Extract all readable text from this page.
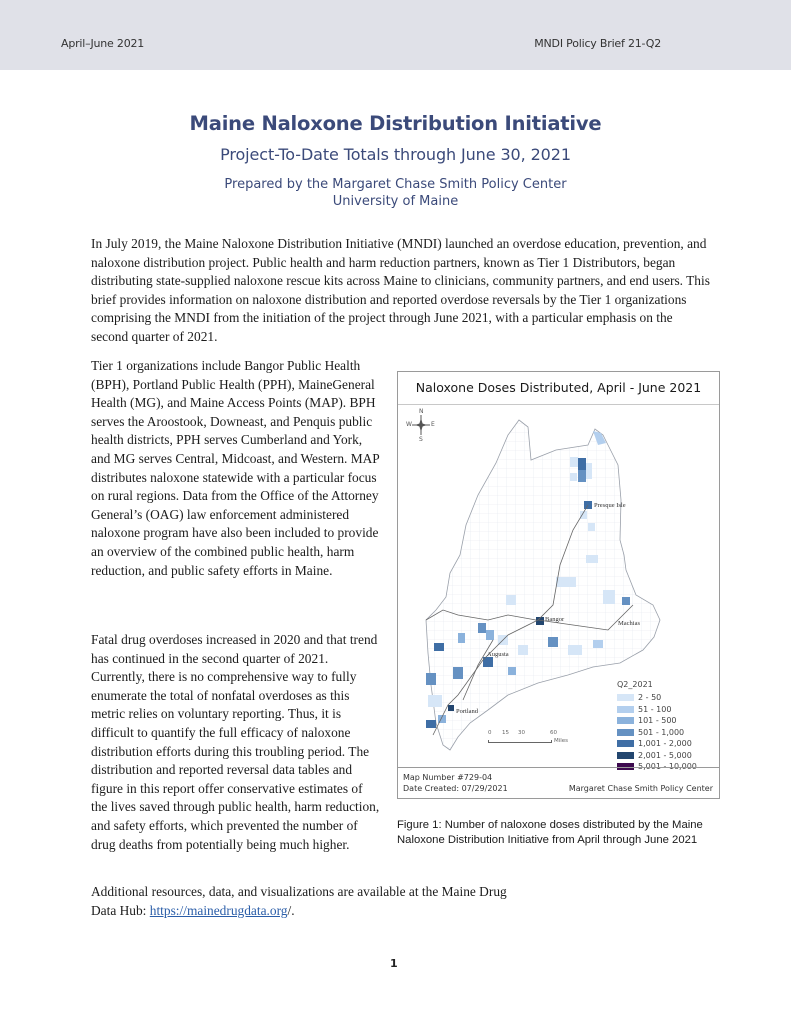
April–June 2021	MNDI Policy Brief 21-Q2
Maine Naloxone Distribution Initiative
Project-To-Date Totals through June 30, 2021
Prepared by the Margaret Chase Smith Policy Center
University of Maine

In July 2019, the Maine Naloxone Distribution Initiative (MNDI) launched an overdose education, prevention, and naloxone distribution project. Public health and harm reduction partners, known as Tier 1 Distributors, began distributing state-supplied naloxone rescue kits across Maine to clinicians, community partners, and end users. This brief provides information on naloxone distribution and reported overdose reversals by the Tier 1 organizations comprising the MNDI from the initiation of the project through June 2021, with a particular emphasis on the second quarter of 2021.

Tier 1 organizations include Bangor Public Health (BPH), Portland Public Health (PPH), MaineGeneral Health (MG), and Maine Access Points (MAP). BPH serves the Aroostook, Downeast, and Penquis public health districts, PPH serves Cumberland and York, and MG serves Central, Midcoast, and Western. MAP distributes naloxone statewide with a particular focus on rural regions. Data from the Office of the Attorney General’s (OAG) law enforcement administered naloxone program have also been included to provide an overview of the combined public health, harm reduction, and public safety efforts in Maine.

Fatal drug overdoses increased in 2020 and that trend has continued in the second quarter of 2021. Currently, there is no comprehensive way to fully enumerate the total of nonfatal overdoses as this metric relies on voluntary reporting. Thus, it is difficult to quantify the full efficacy of naloxone distribution efforts during this troubling period. The distribution and reported reversal data tables and figure in this report offer conservative estimates of the lives saved through public health, harm reduction, and safety efforts, which prevented the number of drug deaths from potentially being much higher.

Additional resources, data, and visualizations are available at the Maine Drug Data Hub: https://mainedrugdata.org/.

Naloxone Doses Distributed, April - June 2021
N
S
W	E
Presque Isle
Bangor
Machias
Augusta
Portland
0 15 30	60
Miles
Q2_2021
2 - 50
51 - 100
101 - 500
501 - 1,000
1,001 - 2,000
2,001 - 5,000
5,001 - 10,000
Map Number #729-04
Date Created: 07/29/2021	Margaret Chase Smith Policy Center

Figure 1: Number of naloxone doses distributed by the Maine Naloxone Distribution Initiative from April through June 2021

1
